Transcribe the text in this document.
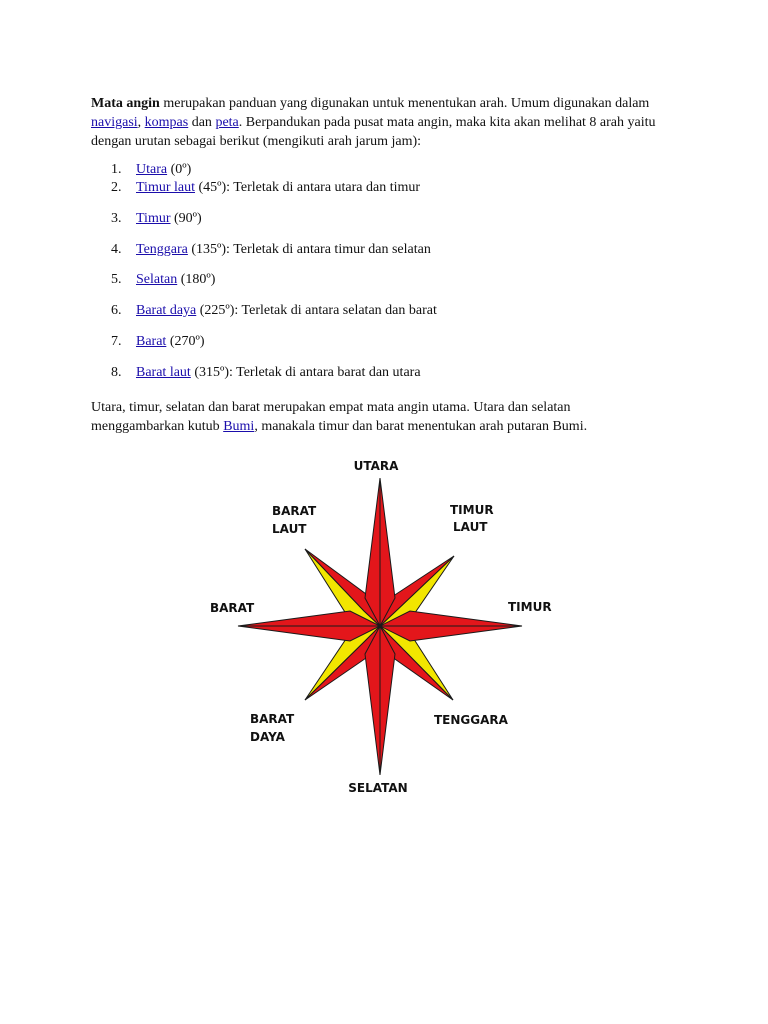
Mata angin merupakan panduan yang digunakan untuk menentukan arah. Umum digunakan dalam navigasi, kompas dan peta. Berpandukan pada pusat mata angin, maka kita akan melihat 8 arah yaitu dengan urutan sebagai berikut (mengikuti arah jarum jam):

1.	Utara (0º)
2.	Timur laut (45º): Terletak di antara utara dan timur
3.	Timur (90º)
4.	Tenggara (135º): Terletak di antara timur dan selatan
5.	Selatan (180º)
6.	Barat daya (225º): Terletak di antara selatan dan barat
7.	Barat (270º)
8.	Barat laut (315º): Terletak di antara barat dan utara

Utara, timur, selatan dan barat merupakan empat mata angin utama. Utara dan selatan menggambarkan kutub Bumi, manakala timur dan barat menentukan arah putaran Bumi.

UTARA
TIMUR
LAUT
TIMUR
TENGGARA
SELATAN
BARAT
DAYA
BARAT
BARAT
LAUT
